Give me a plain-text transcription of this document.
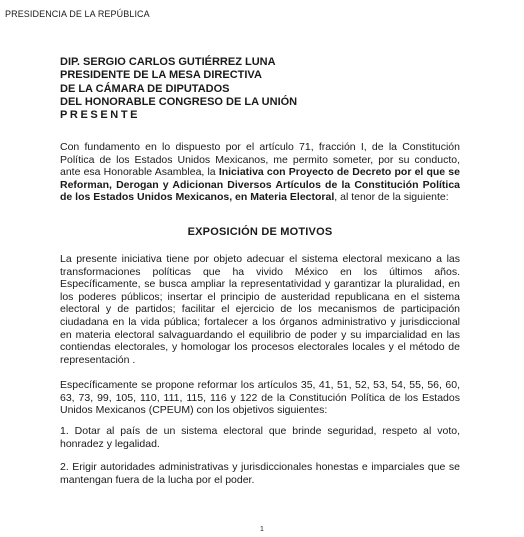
PRESIDENCIA DE LA REPÚBLICA
DIP. SERGIO CARLOS GUTIÉRREZ LUNA
PRESIDENTE DE LA MESA DIRECTIVA
DE LA CÁMARA DE DIPUTADOS
DEL HONORABLE CONGRESO DE LA UNIÓN
PRESENTE
Con fundamento en lo dispuesto por el artículo 71, fracción I, de la Constitución Política de los Estados Unidos Mexicanos, me permito someter, por su conducto, ante esa Honorable Asamblea, la Iniciativa con Proyecto de Decreto por el que se Reforman, Derogan y Adicionan Diversos Artículos de la Constitución Política de los Estados Unidos Mexicanos, en Materia Electoral, al tenor de la siguiente:
EXPOSICIÓN DE MOTIVOS
La presente iniciativa tiene por objeto adecuar el sistema electoral mexicano a las transformaciones políticas que ha vivido México en los últimos años. Específicamente, se busca ampliar la representatividad y garantizar la pluralidad, en los poderes públicos; insertar el principio de austeridad republicana en el sistema electoral y de partidos; facilitar el ejercicio de los mecanismos de participación ciudadana en la vida pública; fortalecer a los órganos administrativo y jurisdiccional en materia electoral salvaguardando el equilibrio de poder y su imparcialidad en las contiendas electorales, y homologar los procesos electorales locales y el método de representación .
Específicamente se propone reformar los artículos 35, 41, 51, 52, 53, 54, 55, 56, 60, 63, 73, 99, 105, 110, 111, 115, 116 y 122 de la Constitución Política de los Estados Unidos Mexicanos (CPEUM) con los objetivos siguientes:
1. Dotar al país de un sistema electoral que brinde seguridad, respeto al voto, honradez y legalidad.
2. Erigir autoridades administrativas y jurisdiccionales honestas e imparciales que se mantengan fuera de la lucha por el poder.
1
